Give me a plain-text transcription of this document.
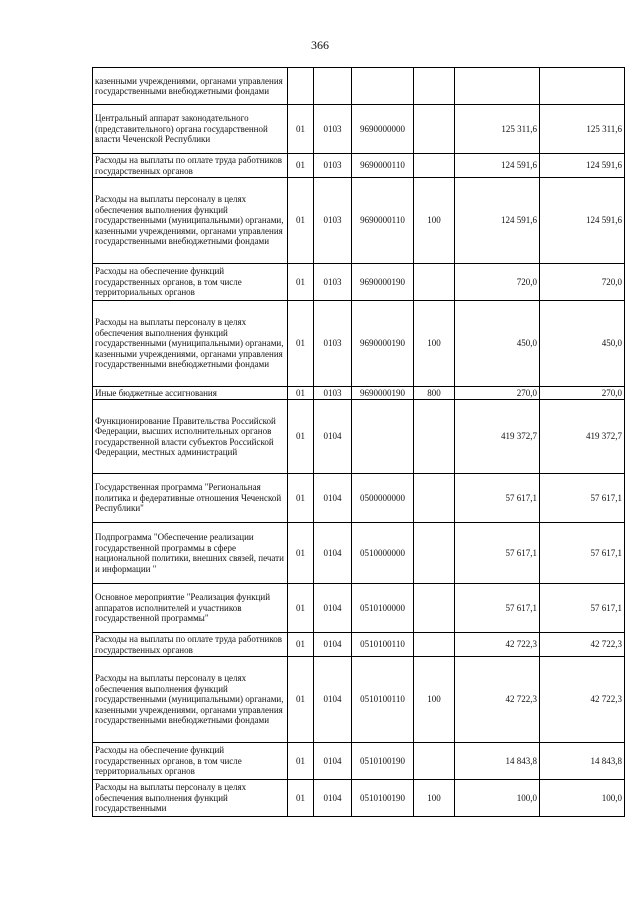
366
казенными учреждениями, органами управления государственными внебюджетными фондами						
Центральный аппарат законодательного (представительного) органа государственной власти Чеченской Республики	01	0103	9690000000		125 311,6	125 311,6
Расходы на выплаты по оплате труда работников государственных органов	01	0103	9690000110		124 591,6	124 591,6
Расходы на выплаты персоналу в целях обеспечения выполнения функций государственными (муниципальными) органами, казенными учреждениями, органами управления государственными внебюджетными фондами	01	0103	9690000110	100	124 591,6	124 591,6
Расходы на обеспечение функций государственных органов, в том числе территориальных органов	01	0103	9690000190		720,0	720,0
Расходы на выплаты персоналу в целях обеспечения выполнения функций государственными (муниципальными) органами, казенными учреждениями, органами управления государственными внебюджетными фондами	01	0103	9690000190	100	450,0	450,0
Иные бюджетные ассигнования	01	0103	9690000190	800	270,0	270,0
Функционирование Правительства Российской Федерации, высших исполнительных органов государственной власти субъектов Российской Федерации, местных администраций	01	0104			419 372,7	419 372,7
Государственная программа "Региональная политика и федеративные отношения Чеченской Республики"	01	0104	0500000000		57 617,1	57 617,1
Подпрограмма "Обеспечение реализации государственной программы в сфере национальной политики, внешних связей, печати и информации "	01	0104	0510000000		57 617,1	57 617,1
Основное мероприятие "Реализация функций аппаратов исполнителей и участников государственной программы"	01	0104	0510100000		57 617,1	57 617,1
Расходы на выплаты по оплате труда работников государственных органов	01	0104	0510100110		42 722,3	42 722,3
Расходы на выплаты персоналу в целях обеспечения выполнения функций государственными (муниципальными) органами, казенными учреждениями, органами управления государственными внебюджетными фондами	01	0104	0510100110	100	42 722,3	42 722,3
Расходы на обеспечение функций государственных органов, в том числе территориальных органов	01	0104	0510100190		14 843,8	14 843,8
Расходы на выплаты персоналу в целях обеспечения выполнения функций государственными	01	0104	0510100190	100	100,0	100,0
